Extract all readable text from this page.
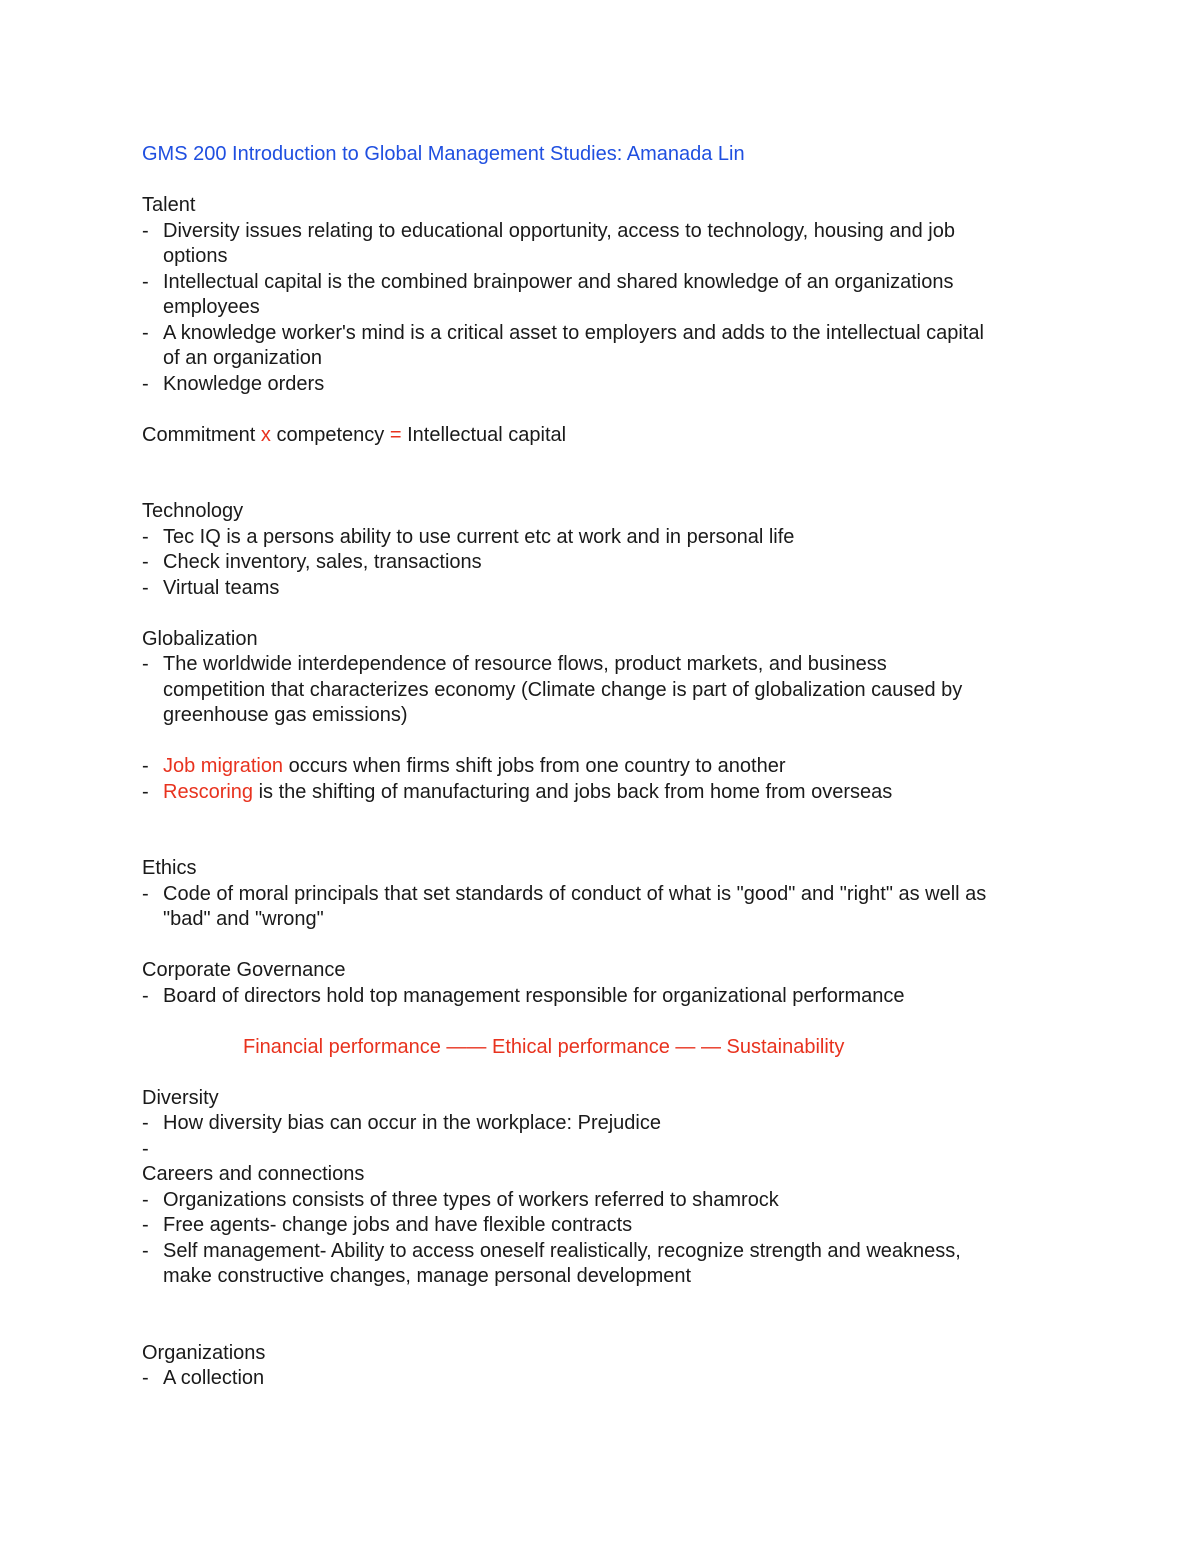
GMS 200 Introduction to Global Management Studies: Amanada Lin
Talent
- Diversity issues relating to educational opportunity, access to technology, housing and job
options
- Intellectual capital is the combined brainpower and shared knowledge of an organizations
employees
- A knowledge worker's mind is a critical asset to employers and adds to the intellectual capital
of an organization
- Knowledge orders
Commitment x competency = Intellectual capital
Technology
- Tec IQ is a persons ability to use current etc at work and in personal life
- Check inventory, sales, transactions
- Virtual teams
Globalization
- The worldwide interdependence of resource flows, product markets, and business
competition that characterizes economy (Climate change is part of globalization caused by
greenhouse gas emissions)
- Job migration occurs when firms shift jobs from one country to another
- Rescoring is the shifting of manufacturing and jobs back from home from overseas
Ethics
- Code of moral principals that set standards of conduct of what is "good" and "right" as well as
"bad" and "wrong"
Corporate Governance
- Board of directors hold top management responsible for organizational performance
Financial performance —— Ethical performance — — Sustainability
Diversity
- How diversity bias can occur in the workplace: Prejudice
-
Careers and connections
- Organizations consists of three types of workers referred to shamrock
- Free agents- change jobs and have flexible contracts
- Self management- Ability to access oneself realistically, recognize strength and weakness,
make constructive changes, manage personal development
Organizations
- A collection
